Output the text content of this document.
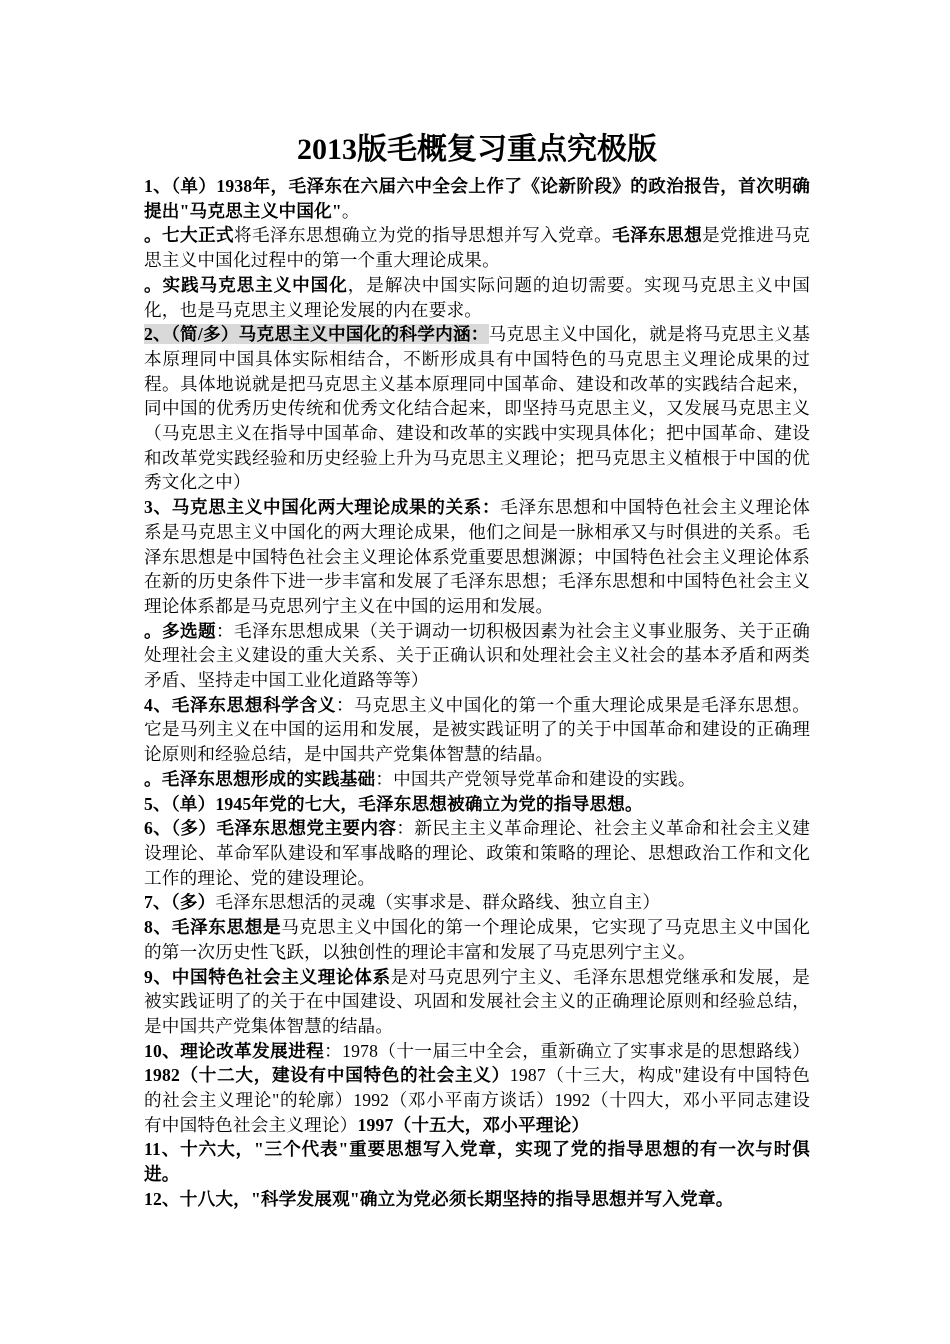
2013版毛概复习重点究极版

1、（单）1938年，毛泽东在六届六中全会上作了《论新阶段》的政治报告，首次明确提出"马克思主义中国化"。

。七大正式将毛泽东思想确立为党的指导思想并写入党章。毛泽东思想是党推进马克思主义中国化过程中的第一个重大理论成果。

。实践马克思主义中国化，是解决中国实际问题的迫切需要。实现马克思主义中国化，也是马克思主义理论发展的内在要求。

2、（简/多）马克思主义中国化的科学内涵：马克思主义中国化，就是将马克思主义基本原理同中国具体实际相结合，不断形成具有中国特色的马克思主义理论成果的过程。具体地说就是把马克思主义基本原理同中国革命、建设和改革的实践结合起来，同中国的优秀历史传统和优秀文化结合起来，即坚持马克思主义，又发展马克思主义（马克思主义在指导中国革命、建设和改革的实践中实现具体化；把中国革命、建设和改革党实践经验和历史经验上升为马克思主义理论；把马克思主义植根于中国的优秀文化之中）

3、马克思主义中国化两大理论成果的关系：毛泽东思想和中国特色社会主义理论体系是马克思主义中国化的两大理论成果，他们之间是一脉相承又与时俱进的关系。毛泽东思想是中国特色社会主义理论体系党重要思想渊源；中国特色社会主义理论体系在新的历史条件下进一步丰富和发展了毛泽东思想；毛泽东思想和中国特色社会主义理论体系都是马克思列宁主义在中国的运用和发展。

。多选题：毛泽东思想成果（关于调动一切积极因素为社会主义事业服务、关于正确处理社会主义建设的重大关系、关于正确认识和处理社会主义社会的基本矛盾和两类矛盾、坚持走中国工业化道路等等）

4、毛泽东思想科学含义：马克思主义中国化的第一个重大理论成果是毛泽东思想。它是马列主义在中国的运用和发展，是被实践证明了的关于中国革命和建设的正确理论原则和经验总结，是中国共产党集体智慧的结晶。

。毛泽东思想形成的实践基础：中国共产党领导党革命和建设的实践。

5、（单）1945年党的七大，毛泽东思想被确立为党的指导思想。

6、（多）毛泽东思想党主要内容：新民主主义革命理论、社会主义革命和社会主义建设理论、革命军队建设和军事战略的理论、政策和策略的理论、思想政治工作和文化工作的理论、党的建设理论。

7、（多）毛泽东思想活的灵魂（实事求是、群众路线、独立自主）

8、毛泽东思想是马克思主义中国化的第一个理论成果，它实现了马克思主义中国化的第一次历史性飞跃，以独创性的理论丰富和发展了马克思列宁主义。

9、中国特色社会主义理论体系是对马克思列宁主义、毛泽东思想党继承和发展，是被实践证明了的关于在中国建设、巩固和发展社会主义的正确理论原则和经验总结，是中国共产党集体智慧的结晶。

10、理论改革发展进程：1978（十一届三中全会，重新确立了实事求是的思想路线）1982（十二大，建设有中国特色的社会主义）1987（十三大，构成"建设有中国特色的社会主义理论"的轮廓）1992（邓小平南方谈话）1992（十四大，邓小平同志建设有中国特色社会主义理论）1997（十五大，邓小平理论）

11、十六大，"三个代表"重要思想写入党章，实现了党的指导思想的有一次与时俱进。

12、十八大，"科学发展观"确立为党必须长期坚持的指导思想并写入党章。
